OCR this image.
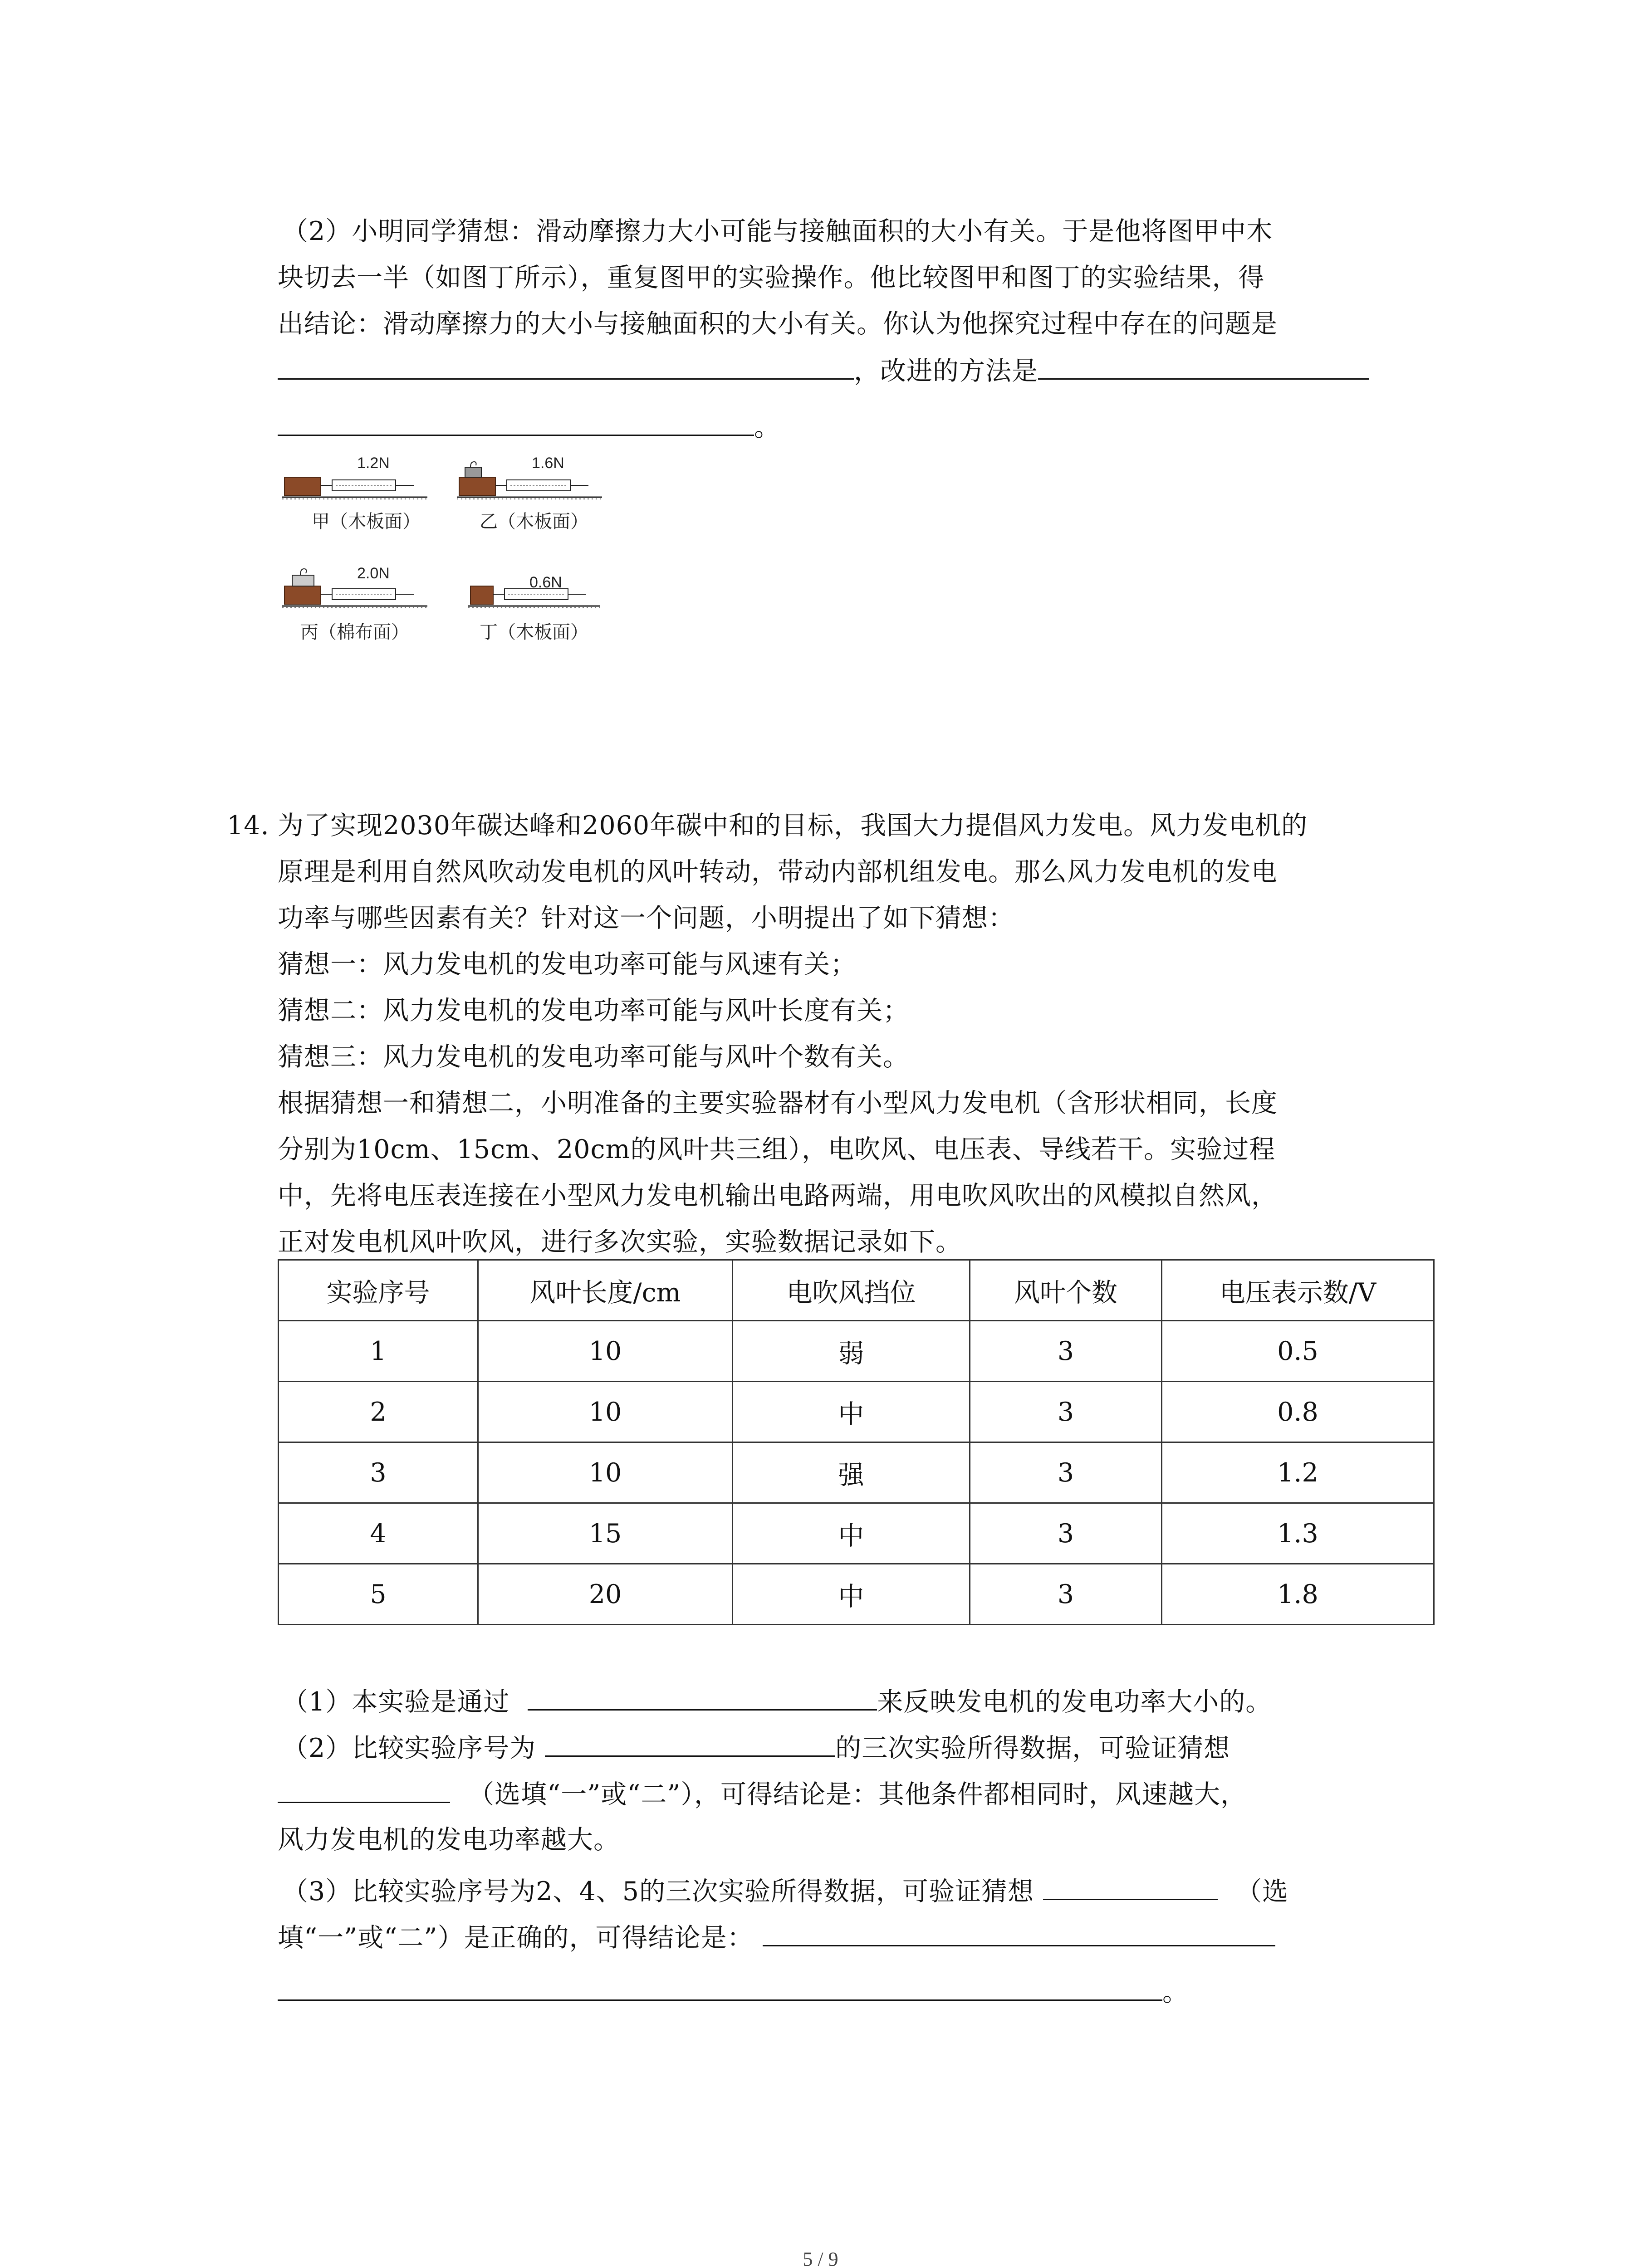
（2）小明同学猜想：滑动摩擦力大小可能与接触面积的大小有关。于是他将图甲中木
块切去一半（如图丁所示），重复图甲的实验操作。他比较图甲和图丁的实验结果，得
出结论：滑动摩擦力的大小与接触面积的大小有关。你认为他探究过程中存在的问题是
，改进的方法是
。
1.2N
甲（木板面）
1.6N
乙（木板面）
2.0N
丙（棉布面）
0.6N
丁（木板面）
14. 为了实现2030年碳达峰和2060年碳中和的目标，我国大力提倡风力发电。风力发电机的
原理是利用自然风吹动发电机的风叶转动，带动内部机组发电。那么风力发电机的发电
功率与哪些因素有关？针对这一个问题，小明提出了如下猜想：
猜想一：风力发电机的发电功率可能与风速有关；
猜想二：风力发电机的发电功率可能与风叶长度有关；
猜想三：风力发电机的发电功率可能与风叶个数有关。
根据猜想一和猜想二，小明准备的主要实验器材有小型风力发电机（含形状相同，长度
分别为10cm、15cm、20cm的风叶共三组），电吹风、电压表、导线若干。实验过程
中，先将电压表连接在小型风力发电机输出电路两端，用电吹风吹出的风模拟自然风，
正对发电机风叶吹风，进行多次实验，实验数据记录如下。
实验序号	风叶长度/cm	电吹风挡位	风叶个数	电压表示数/V
1	10	弱	3	0.5
2	10	中	3	0.8
3	10	强	3	1.2
4	15	中	3	1.3
5	20	中	3	1.8
（1）本实验是通过	来反映发电机的发电功率大小的。
（2）比较实验序号为	的三次实验所得数据，可验证猜想
（选填“一”或“二”），可得结论是：其他条件都相同时，风速越大，
风力发电机的发电功率越大。
（3）比较实验序号为2、4、5的三次实验所得数据，可验证猜想	（选
填“一”或“二”）是正确的，可得结论是：
。
5 / 9
